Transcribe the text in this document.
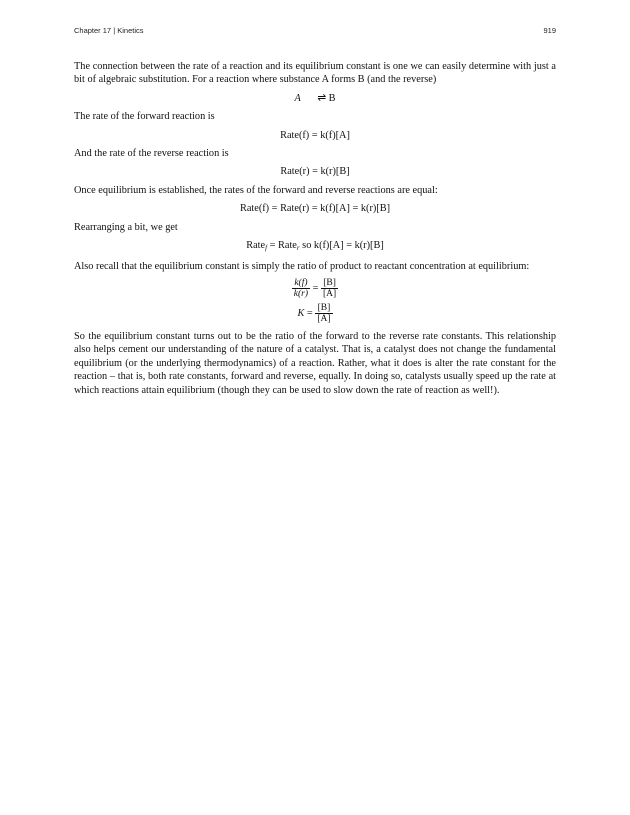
Chapter 17 | Kinetics	919

The connection between the rate of a reaction and its equilibrium constant is one we can easily determine with just a bit of algebraic substitution. For a reaction where substance A forms B (and the reverse)

A ⇌ B

The rate of the forward reaction is

Rate(f) = k(f)[A]

And the rate of the reverse reaction is

Rate(r) = k(r)[B]

Once equilibrium is established, the rates of the forward and reverse reactions are equal:

Rate(f) = Rate(r) = k(f)[A] = k(r)[B]

Rearranging a bit, we get

Rate$_f$ = Rate$_r$ so k(f)[A] = k(r)[B]

Also recall that the equilibrium constant is simply the ratio of product to reactant concentration at equilibrium:

$\frac{k(f)}{k(r)} = \frac{[B]}{[A]}$
$K = \frac{[B]}{[A]}$

So the equilibrium constant turns out to be the ratio of the forward to the reverse rate constants. This relationship also helps cement our understanding of the nature of a catalyst. That is, a catalyst does not change the fundamental equilibrium (or the underlying thermodynamics) of a reaction. Rather, what it does is alter the rate constant for the reaction – that is, both rate constants, forward and reverse, equally. In doing so, catalysts usually speed up the rate at which reactions attain equilibrium (though they can be used to slow down the rate of reaction as well!).
